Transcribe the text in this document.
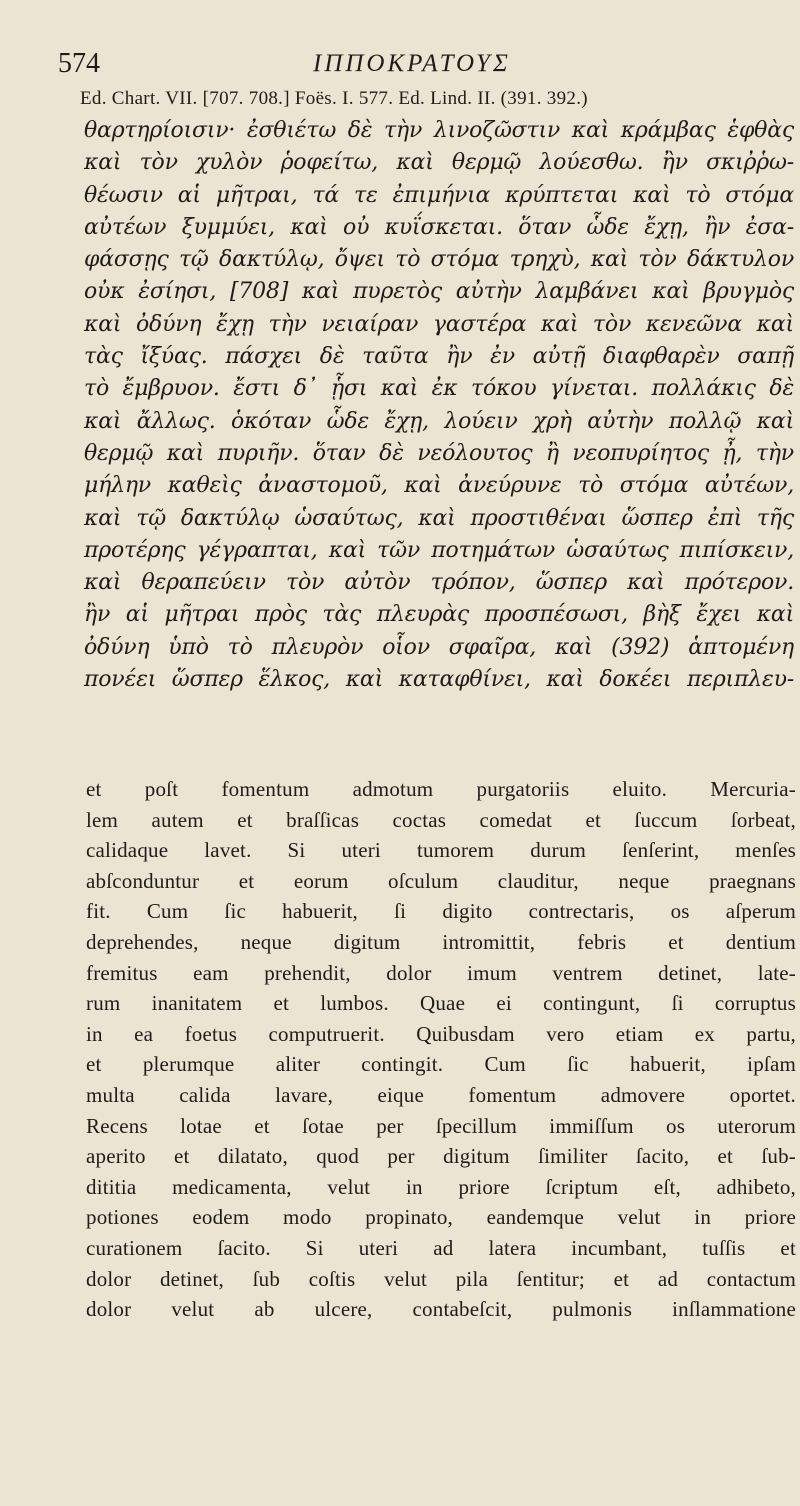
574	ΙΠΠΟΚΡΑΤΟΥΣ
Ed. Chart. VII. [707. 708.] Foës. I. 577. Ed. Lind. II. (391. 392.)
θαρτηρίοισιν· ἐσθιέτω δὲ τὴν λινοζῶστιν καὶ κράμβας ἑφθὰς
καὶ τὸν χυλὸν ῥοφείτω, καὶ θερμῷ λούεσθω. ἢν σκιῤῥω-
θέωσιν αἱ μῆτραι, τά τε ἐπιμήνια κρύπτεται καὶ τὸ στόμα
αὐτέων ξυμμύει, καὶ οὐ κυΐσκεται. ὅταν ὧδε ἔχῃ, ἢν ἐσα-
φάσσῃς τῷ δακτύλῳ, ὄψει τὸ στόμα τρηχὺ, καὶ τὸν δάκτυλον
οὐκ ἐσίησι, [708] καὶ πυρετὸς αὐτὴν λαμβάνει καὶ βρυγμὸς
καὶ ὀδύνη ἔχῃ τὴν νειαίραν γαστέρα καὶ τὸν κενεῶνα καὶ
τὰς ἴξύας. πάσχει δὲ ταῦτα ἢν ἐν αὐτῇ διαφθαρὲν σαπῇ
τὸ ἔμβρυον. ἔστι δ᾽ ᾗσι καὶ ἐκ τόκου γίνεται. πολλάκις δὲ
καὶ ἄλλως. ὁκόταν ὧδε ἔχῃ, λούειν χρὴ αὐτὴν πολλῷ καὶ
θερμῷ καὶ πυριῆν. ὅταν δὲ νεόλουτος ἢ νεοπυρίητος ᾖ, τὴν
μήλην καθεὶς ἀναστομοῦ, καὶ ἀνεύρυνε τὸ στόμα αὐτέων,
καὶ τῷ δακτύλῳ ὡσαύτως, καὶ προστιθέναι ὥσπερ ἐπὶ τῆς
προτέρης γέγραπται, καὶ τῶν ποτημάτων ὡσαύτως πιπίσκειν,
καὶ θεραπεύειν τὸν αὐτὸν τρόπον, ὥσπερ καὶ πρότερον.
ἢν αἱ μῆτραι πρὸς τὰς πλευρὰς προσπέσωσι, βὴξ ἔχει καὶ
ὀδύνη ὑπὸ τὸ πλευρὸν οἷον σφαῖρα, καὶ (392) ἁπτομένη
πονέει ὥσπερ ἕλκος, καὶ καταφθίνει, καὶ δοκέει περιπλευ-
et poſt fomentum admotum purgatoriis eluito. Mercuria-
lem autem et braſſicas coctas comedat et ſuccum ſorbeat,
calidaque lavet. Si uteri tumorem durum ſenſerint, menſes
abſconduntur et eorum oſculum clauditur, neque praegnans
fit. Cum ſic habuerit, ſi digito contrectaris, os aſperum
deprehendes, neque digitum intromittit, febris et dentium
fremitus eam prehendit, dolor imum ventrem detinet, late-
rum inanitatem et lumbos. Quae ei contingunt, ſi corruptus
in ea foetus computruerit. Quibusdam vero etiam ex partu,
et plerumque aliter contingit. Cum ſic habuerit, ipſam
multa calida lavare, eique fomentum admovere oportet.
Recens lotae et ſotae per ſpecillum immiſſum os uterorum
aperito et dilatato, quod per digitum ſimiliter ſacito, et ſub-
dititia medicamenta, velut in priore ſcriptum eſt, adhibeto,
potiones eodem modo propinato, eandemque velut in priore
curationem ſacito. Si uteri ad latera incumbant, tuſſis et
dolor detinet, ſub coſtis velut pila ſentitur; et ad contactum
dolor velut ab ulcere, contabeſcit, pulmonis inſlammatione
